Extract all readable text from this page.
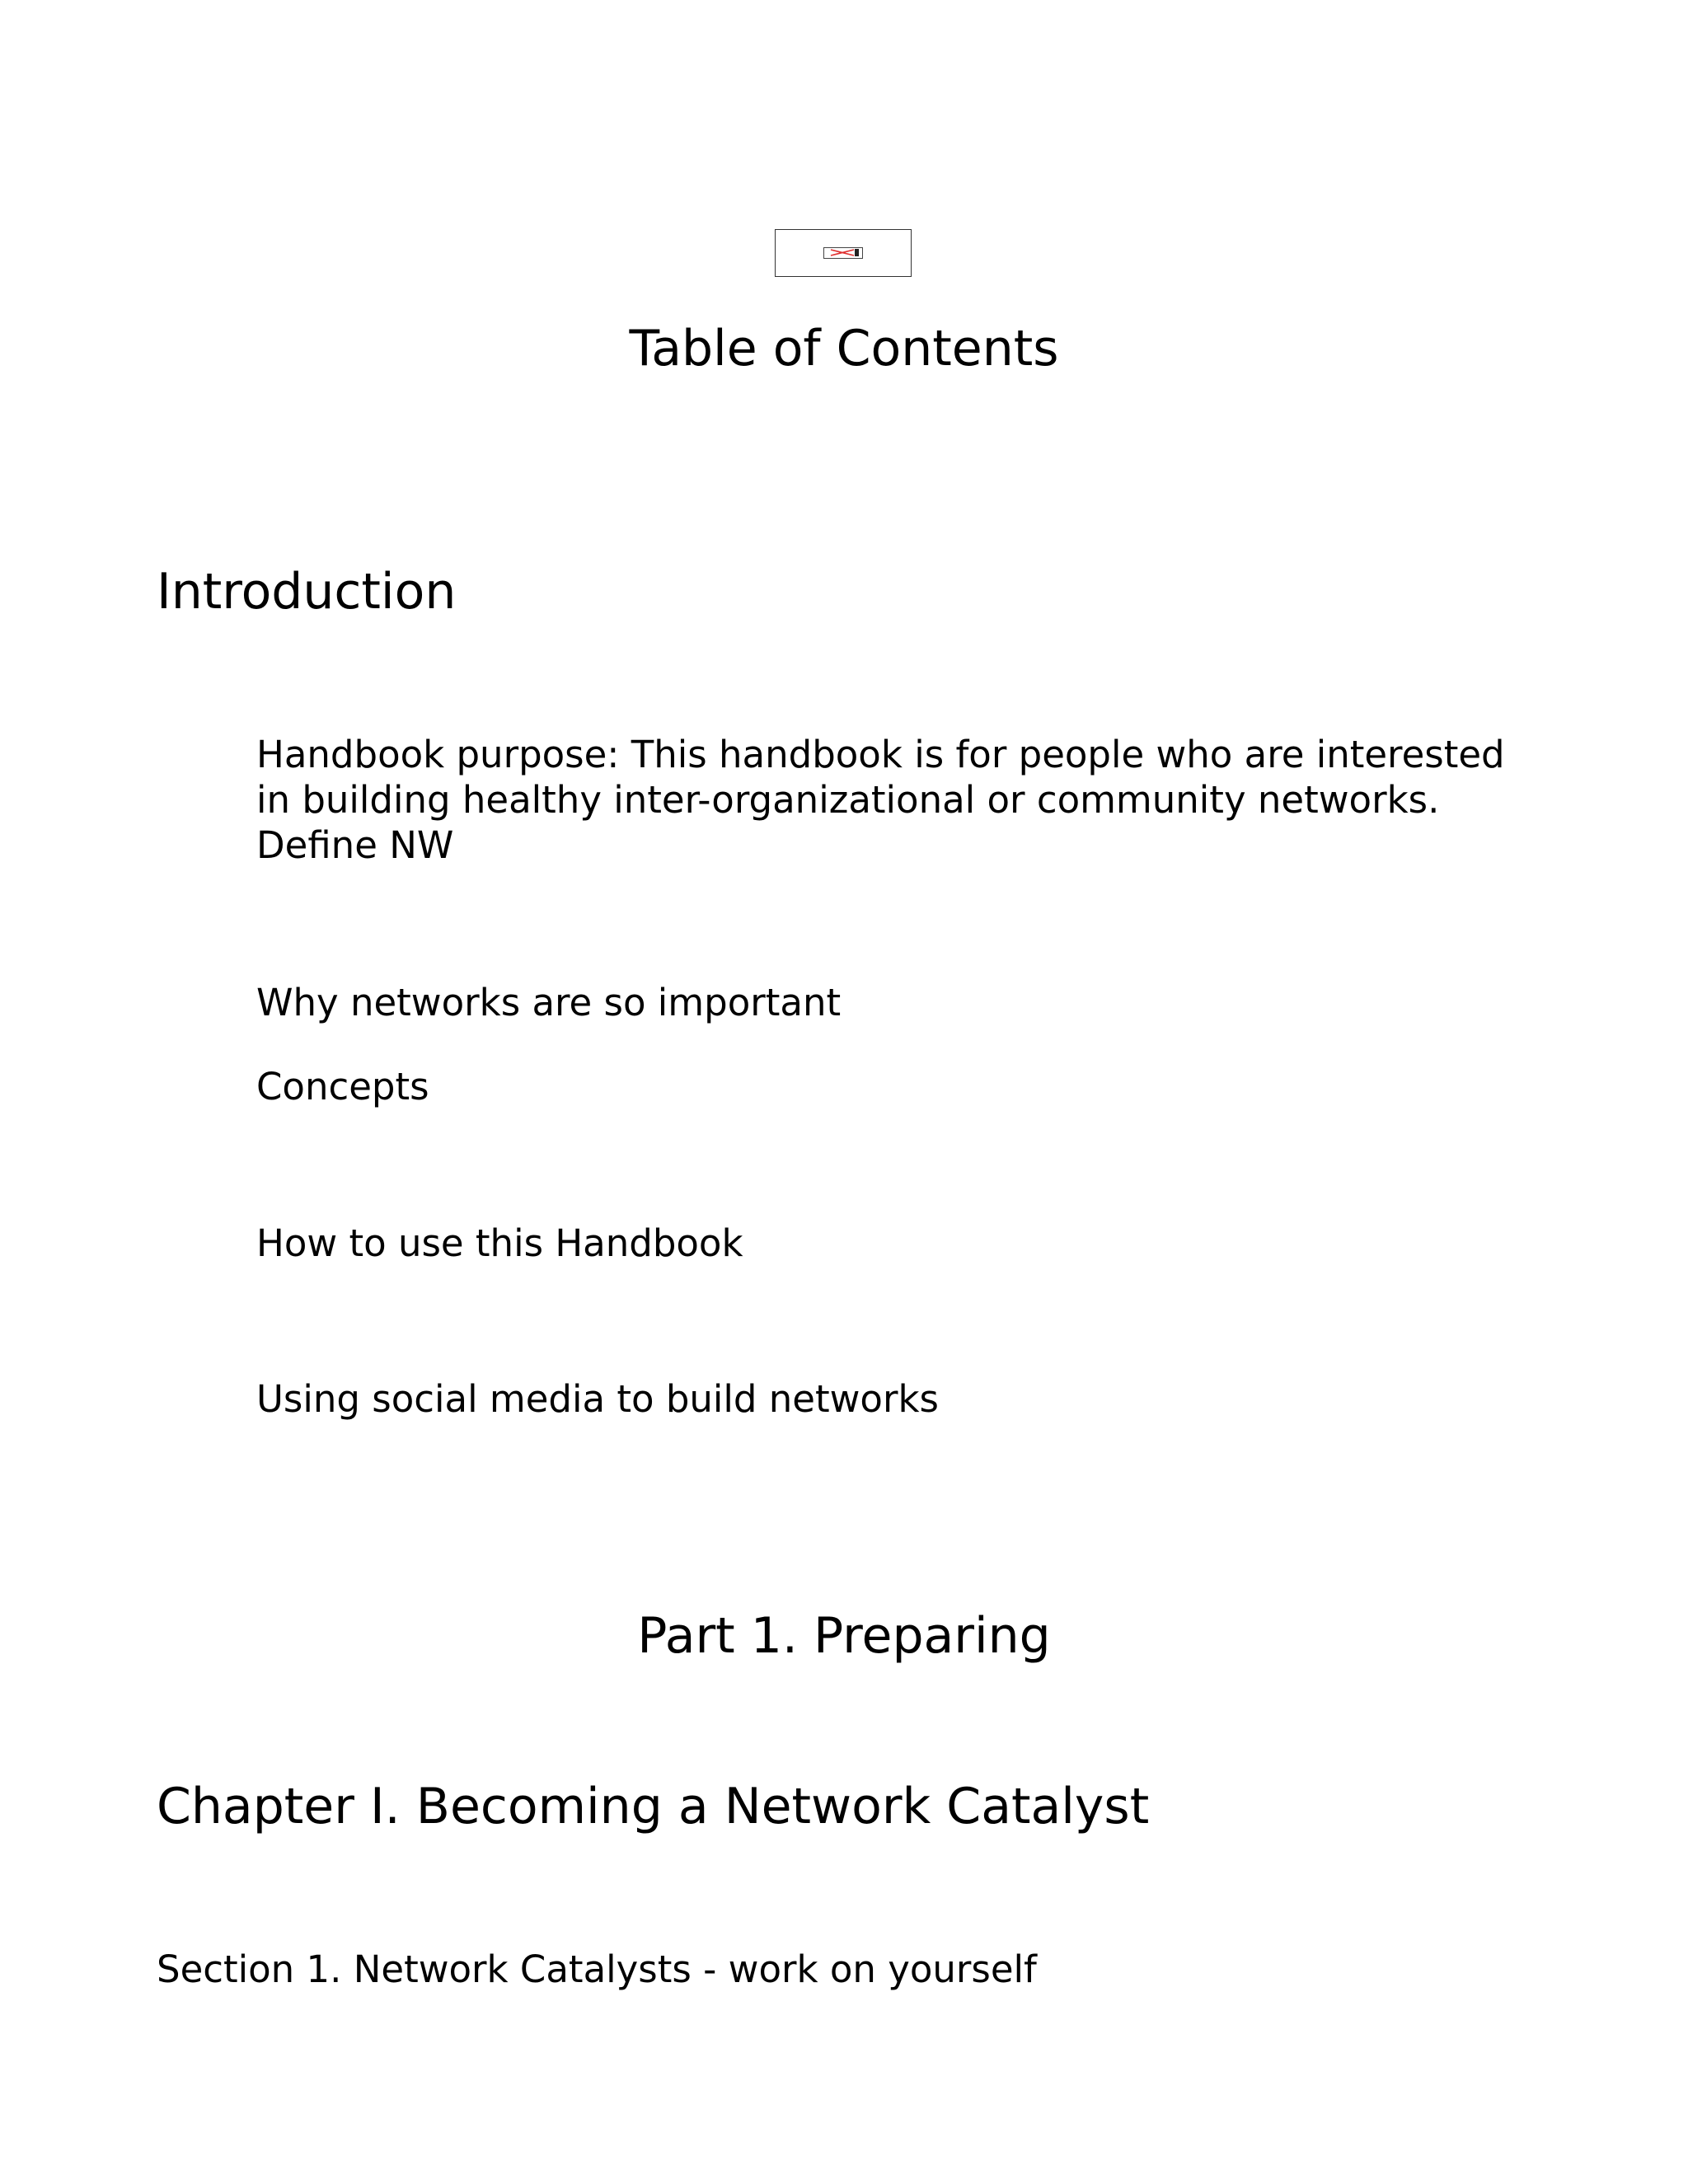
Table of Contents
Introduction
Handbook purpose: This handbook is for people who are interested
in building healthy inter-organizational or community networks.
Define NW
Why networks are so important
Concepts
How to use this Handbook
Using social media to build networks
Part 1. Preparing
Chapter I. Becoming a Network Catalyst
Section 1. Network Catalysts - work on yourself
